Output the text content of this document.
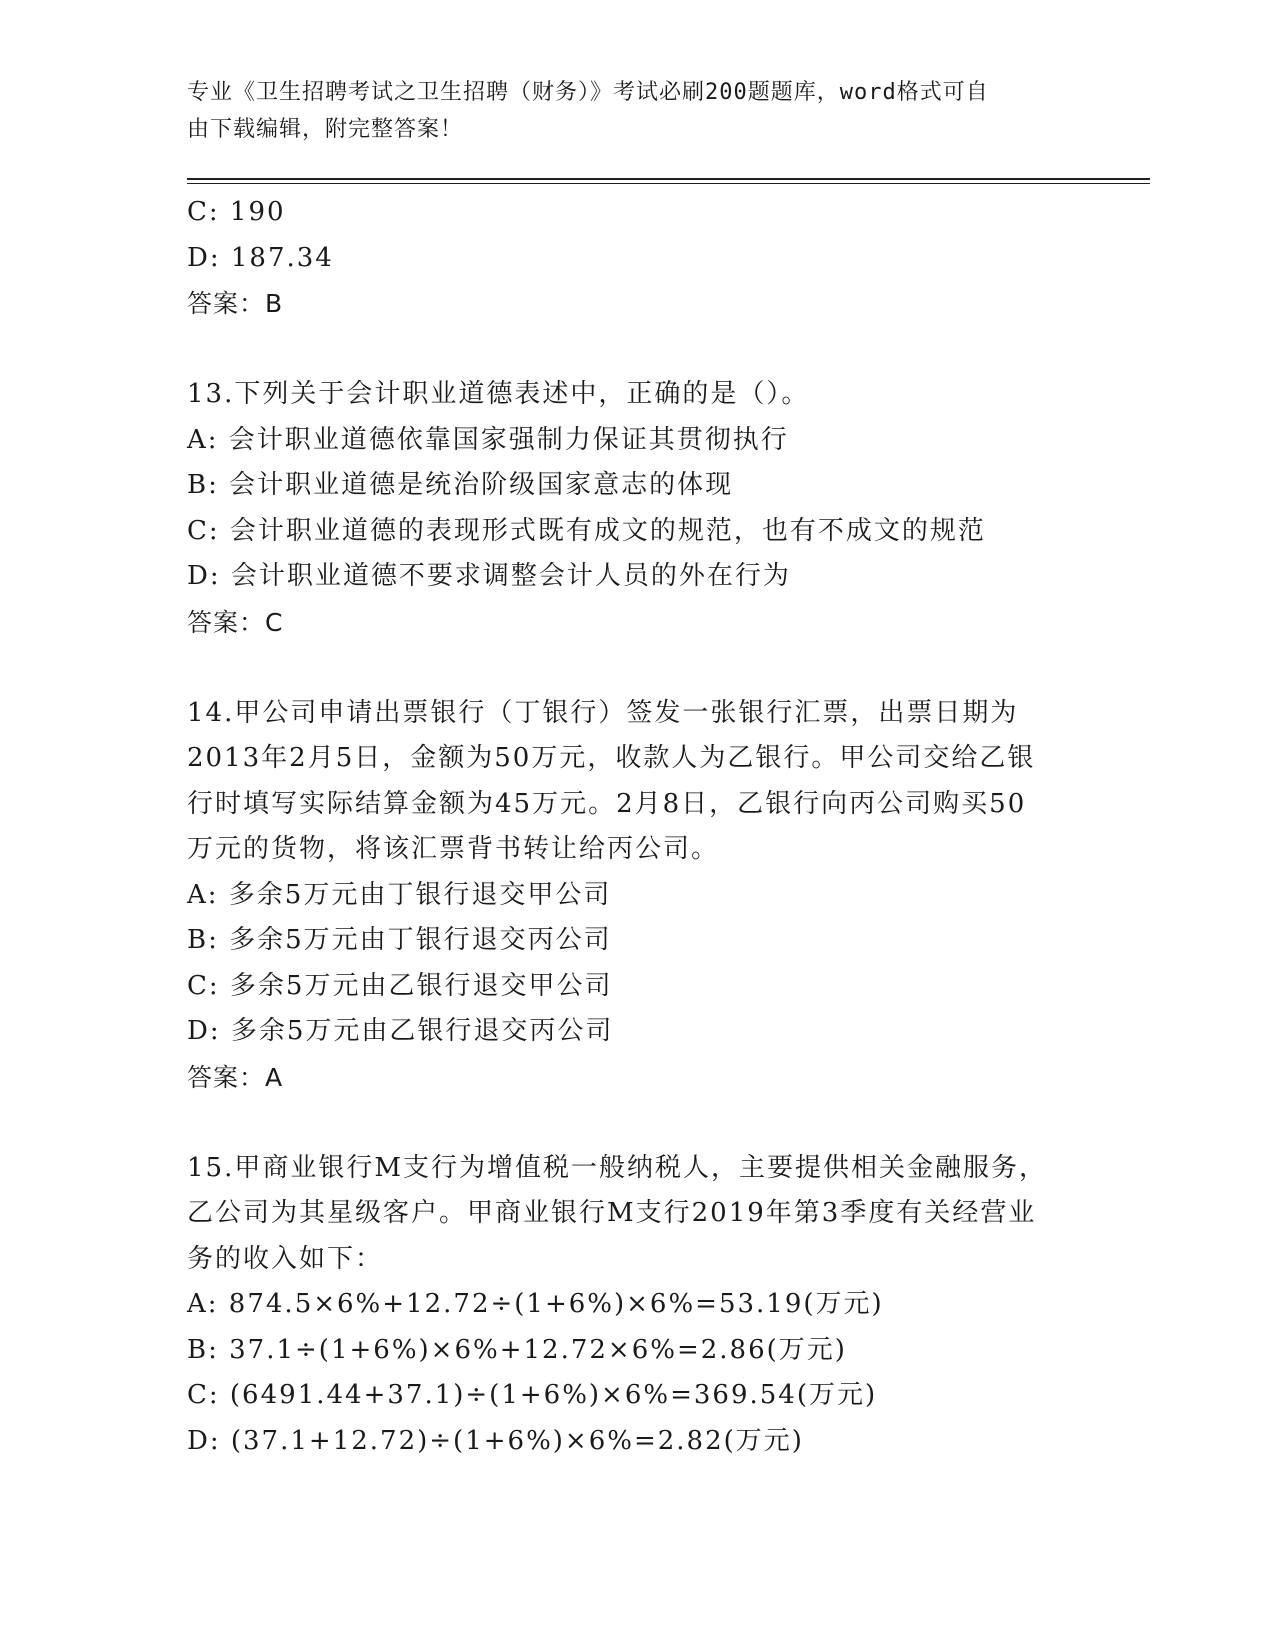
专业《卫生招聘考试之卫生招聘（财务）》考试必刷200题题库，word格式可自
由下载编辑，附完整答案！
C: 190
D: 187.34
答案：B
13.下列关于会计职业道德表述中，正确的是（）。
A: 会计职业道德依靠国家强制力保证其贯彻执行
B: 会计职业道德是统治阶级国家意志的体现
C: 会计职业道德的表现形式既有成文的规范，也有不成文的规范
D: 会计职业道德不要求调整会计人员的外在行为
答案：C
14.甲公司申请出票银行（丁银行）签发一张银行汇票，出票日期为
2013年2月5日，金额为50万元，收款人为乙银行。甲公司交给乙银
行时填写实际结算金额为45万元。2月8日，乙银行向丙公司购买50
万元的货物，将该汇票背书转让给丙公司。
A: 多余5万元由丁银行退交甲公司
B: 多余5万元由丁银行退交丙公司
C: 多余5万元由乙银行退交甲公司
D: 多余5万元由乙银行退交丙公司
答案：A
15.甲商业银行M支行为增值税一般纳税人，主要提供相关金融服务，
乙公司为其星级客户。甲商业银行M支行2019年第3季度有关经营业
务的收入如下：
A: 874.5×6%+12.72÷(1+6%)×6%=53.19(万元)
B: 37.1÷(1+6%)×6%+12.72×6%=2.86(万元)
C: (6491.44+37.1)÷(1+6%)×6%=369.54(万元)
D: (37.1+12.72)÷(1+6%)×6%=2.82(万元)
